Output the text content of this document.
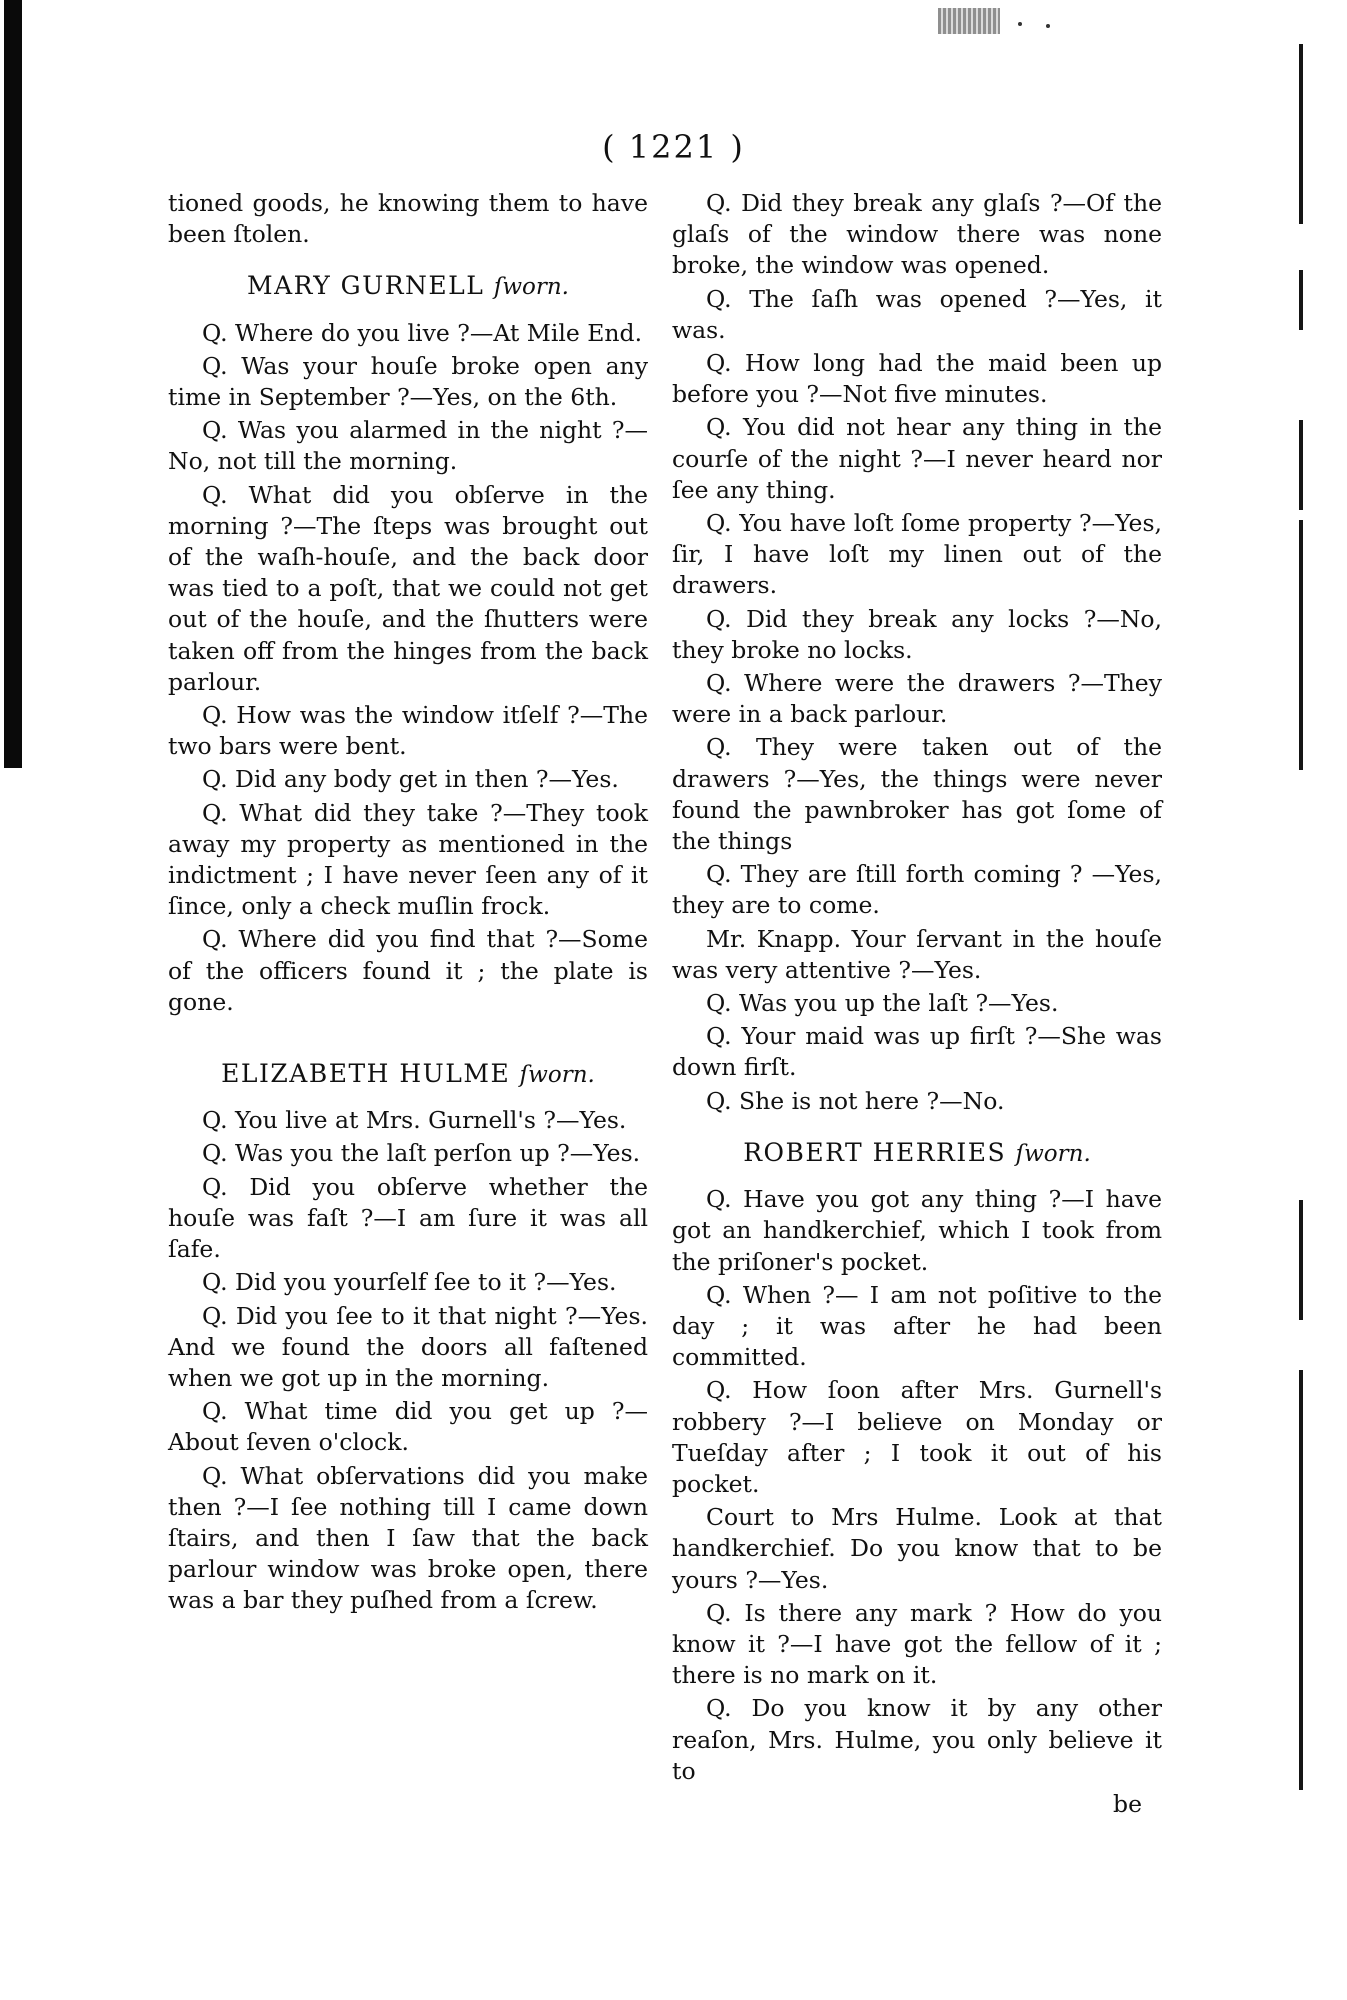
( 1221 )

tioned goods, he knowing them to have been ſtolen.

MARY GURNELL ſworn.

Q. Where do you live ?—At Mile End.

Q. Was your houſe broke open any time in September ?—Yes, on the 6th.

Q. Was you alarmed in the night ?—No, not till the morning.

Q. What did you obſerve in the morning ?—The ſteps was brought out of the waſh-houſe, and the back door was tied to a poſt, that we could not get out of the houſe, and the ſhutters were taken off from the hinges from the back parlour.

Q. How was the window itſelf ?—The two bars were bent.

Q. Did any body get in then ?—Yes.

Q. What did they take ?—They took away my property as mentioned in the indictment ; I have never ſeen any of it ſince, only a check muſlin frock.

Q. Where did you find that ?—Some of the officers found it ; the plate is gone.

ELIZABETH HULME ſworn.

Q. You live at Mrs. Gurnell's ?—Yes.

Q. Was you the laſt perſon up ?—Yes.

Q. Did you obſerve whether the houſe was faſt ?—I am ſure it was all ſafe.

Q. Did you yourſelf ſee to it ?—Yes.

Q. Did you ſee to it that night ?—Yes. And we found the doors all faſtened when we got up in the morning.

Q. What time did you get up ?—About ſeven o'clock.

Q. What obſervations did you make then ?—I ſee nothing till I came down ſtairs, and then I ſaw that the back parlour window was broke open, there was a bar they puſhed from a ſcrew.

Q. Did they break any glaſs ?—Of the glaſs of the window there was none broke, the window was opened.

Q. The ſaſh was opened ?—Yes, it was.

Q. How long had the maid been up before you ?—Not five minutes.

Q. You did not hear any thing in the courſe of the night ?—I never heard nor ſee any thing.

Q. You have loſt ſome property ?—Yes, ſir, I have loſt my linen out of the drawers.

Q. Did they break any locks ?—No, they broke no locks.

Q. Where were the drawers ?—They were in a back parlour.

Q. They were taken out of the drawers ?—Yes, the things were never found the pawnbroker has got ſome of the things

Q. They are ſtill forth coming ? —Yes, they are to come.

Mr. Knapp. Your ſervant in the houſe was very attentive ?—Yes.

Q. Was you up the laſt ?—Yes.

Q. Your maid was up firſt ?—She was down firſt.

Q. She is not here ?—No.

ROBERT HERRIES ſworn.

Q. Have you got any thing ?—I have got an handkerchief, which I took from the priſoner's pocket.

Q. When ?— I am not poſitive to the day ; it was after he had been committed.

Q. How ſoon after Mrs. Gurnell's robbery ?—I believe on Monday or Tueſday after ; I took it out of his pocket.

Court to Mrs Hulme. Look at that handkerchief. Do you know that to be yours ?—Yes.

Q. Is there any mark ? How do you know it ?—I have got the fellow of it ; there is no mark on it.

Q. Do you know it by any other reaſon, Mrs. Hulme, you only believe it to

be
